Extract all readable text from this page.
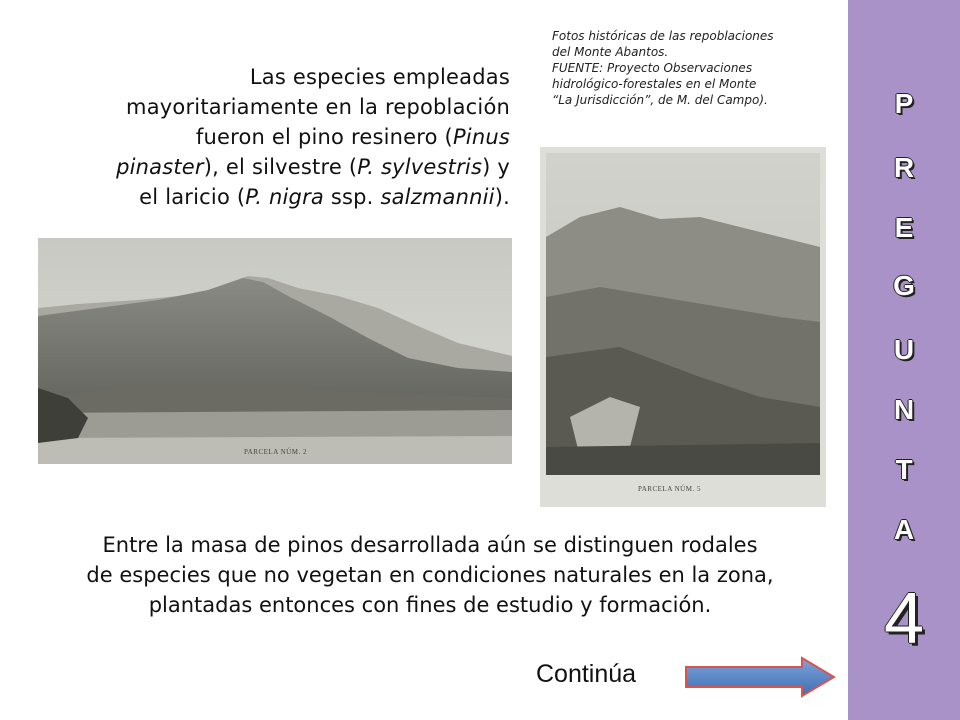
Las especies empleadas
mayoritariamente en la repoblación
fueron el pino resinero (Pinus
pinaster), el silvestre (P. sylvestris) y
el laricio (P. nigra ssp. salzmannii).
Fotos históricas de las repoblaciones
del Monte Abantos.
FUENTE: Proyecto Observaciones
hidrológico-forestales en el Monte
“La Jurisdicción”, de M. del Campo).
PARCELA NÚM. 2
PARCELA NÚM. 5
Entre la masa de pinos desarrollada aún se distinguen rodales
de especies que no vegetan en condiciones naturales en la zona,
plantadas entonces con fines de estudio y formación.
Continúa
P
R
E
G
U
N
T
A
4
